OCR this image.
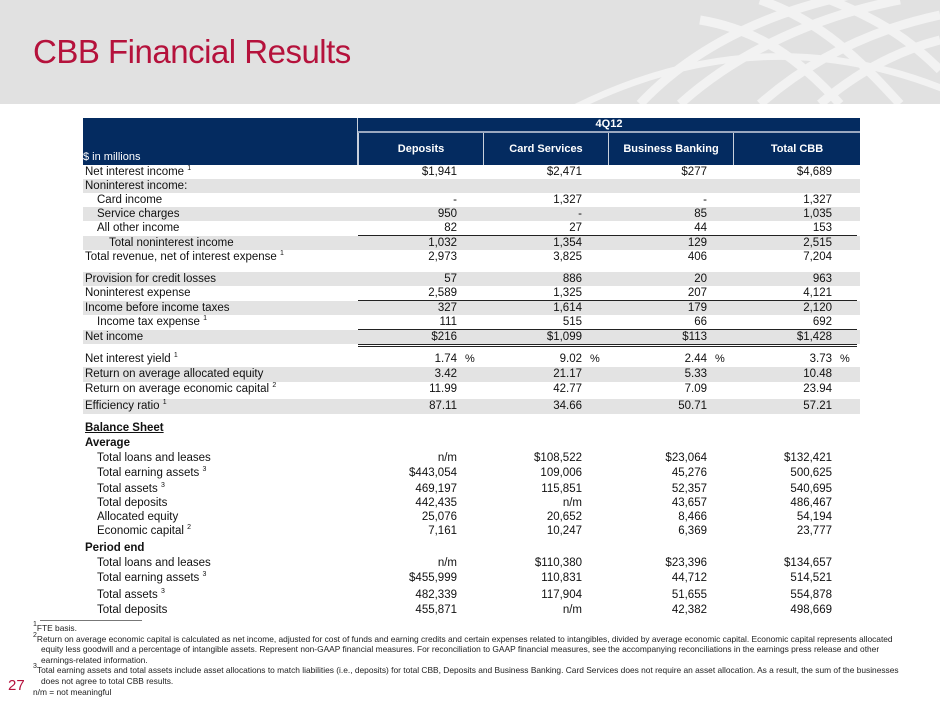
CBB Financial Results
4Q12
$ in millions
Deposits	Card Services	Business Banking	Total CBB
Net interest income $^1$	$1,941	$2,471	$277	$4,689
Noninterest income:
Card income	-	1,327	-	1,327
Service charges	950	-	85	1,035
All other income	82	27	44	153
Total noninterest income	1,032	1,354	129	2,515
Total revenue, net of interest expense $^1$	2,973	3,825	406	7,204
Provision for credit losses	57	886	20	963
Noninterest expense	2,589	1,325	207	4,121
Income before income taxes	327	1,614	179	2,120
Income tax expense $^1$	111	515	66	692
Net income	$216	$1,099	$113	$1,428
Net interest yield $^1$	1.74 %	9.02 %	2.44 %	3.73 %
Return on average allocated equity	3.42	21.17	5.33	10.48
Return on average economic capital $^2$	11.99	42.77	7.09	23.94
Efficiency ratio $^1$	87.11	34.66	50.71	57.21
Balance Sheet
Average
Total loans and leases	n/m	$108,522	$23,064	$132,421
Total earning assets $^3$	$443,054	109,006	45,276	500,625
Total assets $^3$	469,197	115,851	52,357	540,695
Total deposits	442,435	n/m	43,657	486,467
Allocated equity	25,076	20,652	8,466	54,194
Economic capital $^2$	7,161	10,247	6,369	23,777
Period end
Total loans and leases	n/m	$110,380	$23,396	$134,657
Total earning assets $^3$	$455,999	110,831	44,712	514,521
Total assets $^3$	482,339	117,904	51,655	554,878
Total deposits	455,871	n/m	42,382	498,669
$^1$FTE basis.
$^2$Return on average economic capital is calculated as net income, adjusted for cost of funds and earning credits and certain expenses related to intangibles, divided by average economic capital. Economic capital represents allocated equity less goodwill and a percentage of intangible assets. Represent non-GAAP financial measures. For reconciliation to GAAP financial measures, see the accompanying reconciliations in the earnings press release and other earnings-related information.
$^3$Total earning assets and total assets include asset allocations to match liabilities (i.e., deposits) for total CBB, Deposits and Business Banking. Card Services does not require an asset allocation. As a result, the sum of the businesses does not agree to total CBB results.
n/m = not meaningful
27
